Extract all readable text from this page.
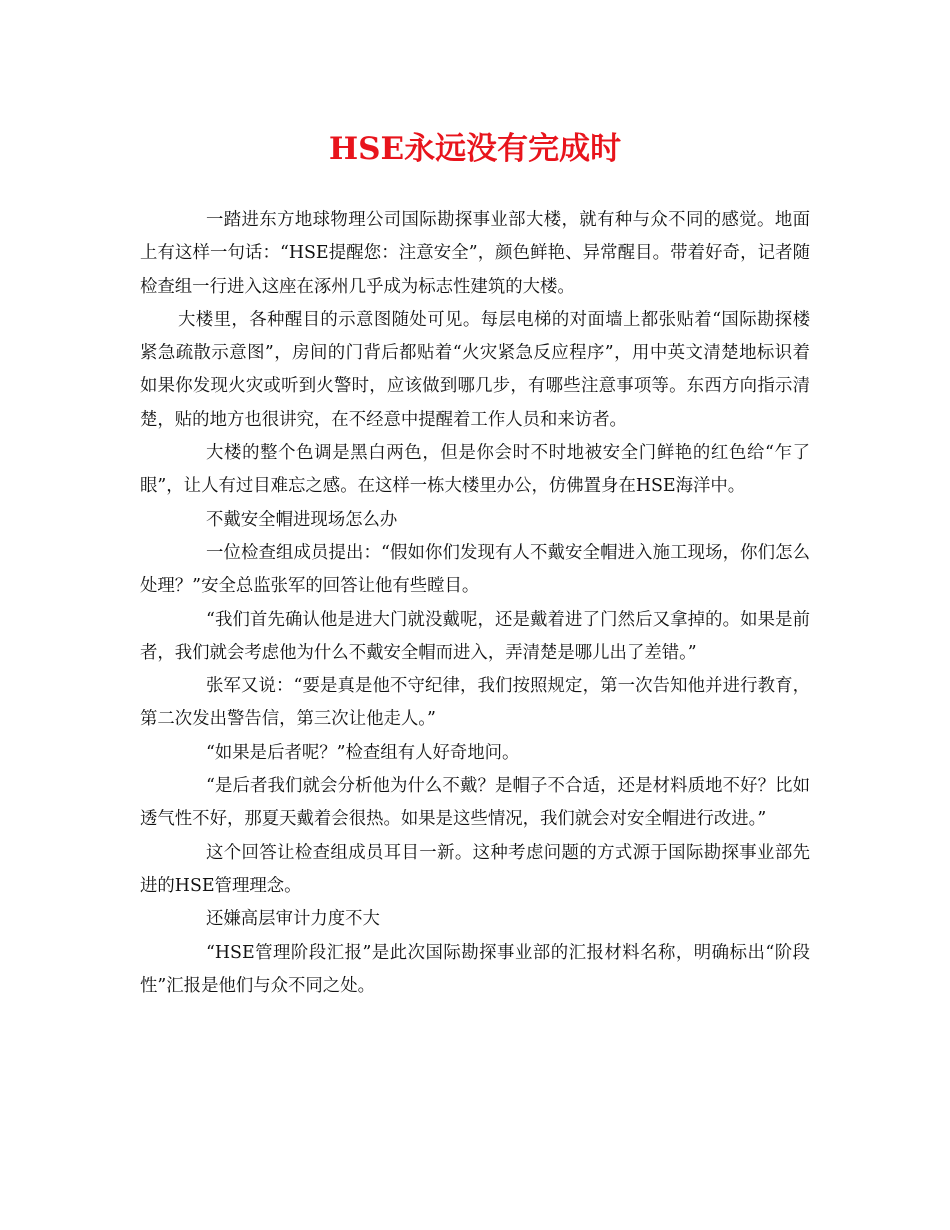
HSE永远没有完成时

一踏进东方地球物理公司国际勘探事业部大楼，就有种与众不同的感觉。地面上有这样一句话：“HSE提醒您：注意安全”，颜色鲜艳、异常醒目。带着好奇，记者随检查组一行进入这座在涿州几乎成为标志性建筑的大楼。

大楼里，各种醒目的示意图随处可见。每层电梯的对面墙上都张贴着“国际勘探楼紧急疏散示意图”，房间的门背后都贴着“火灾紧急反应程序”，用中英文清楚地标识着如果你发现火灾或听到火警时，应该做到哪几步，有哪些注意事项等。东西方向指示清楚，贴的地方也很讲究，在不经意中提醒着工作人员和来访者。

大楼的整个色调是黑白两色，但是你会时不时地被安全门鲜艳的红色给“乍了眼”，让人有过目难忘之感。在这样一栋大楼里办公，仿佛置身在HSE海洋中。

不戴安全帽进现场怎么办

一位检查组成员提出：“假如你们发现有人不戴安全帽进入施工现场，你们怎么处理？”安全总监张军的回答让他有些瞠目。

“我们首先确认他是进大门就没戴呢，还是戴着进了门然后又拿掉的。如果是前者，我们就会考虑他为什么不戴安全帽而进入，弄清楚是哪儿出了差错。”

张军又说：“要是真是他不守纪律，我们按照规定，第一次告知他并进行教育，第二次发出警告信，第三次让他走人。”

“如果是后者呢？”检查组有人好奇地问。

“是后者我们就会分析他为什么不戴？是帽子不合适，还是材料质地不好？比如透气性不好，那夏天戴着会很热。如果是这些情况，我们就会对安全帽进行改进。”

这个回答让检查组成员耳目一新。这种考虑问题的方式源于国际勘探事业部先进的HSE管理理念。

还嫌高层审计力度不大

“HSE管理阶段汇报”是此次国际勘探事业部的汇报材料名称，明确标出“阶段性”汇报是他们与众不同之处。
